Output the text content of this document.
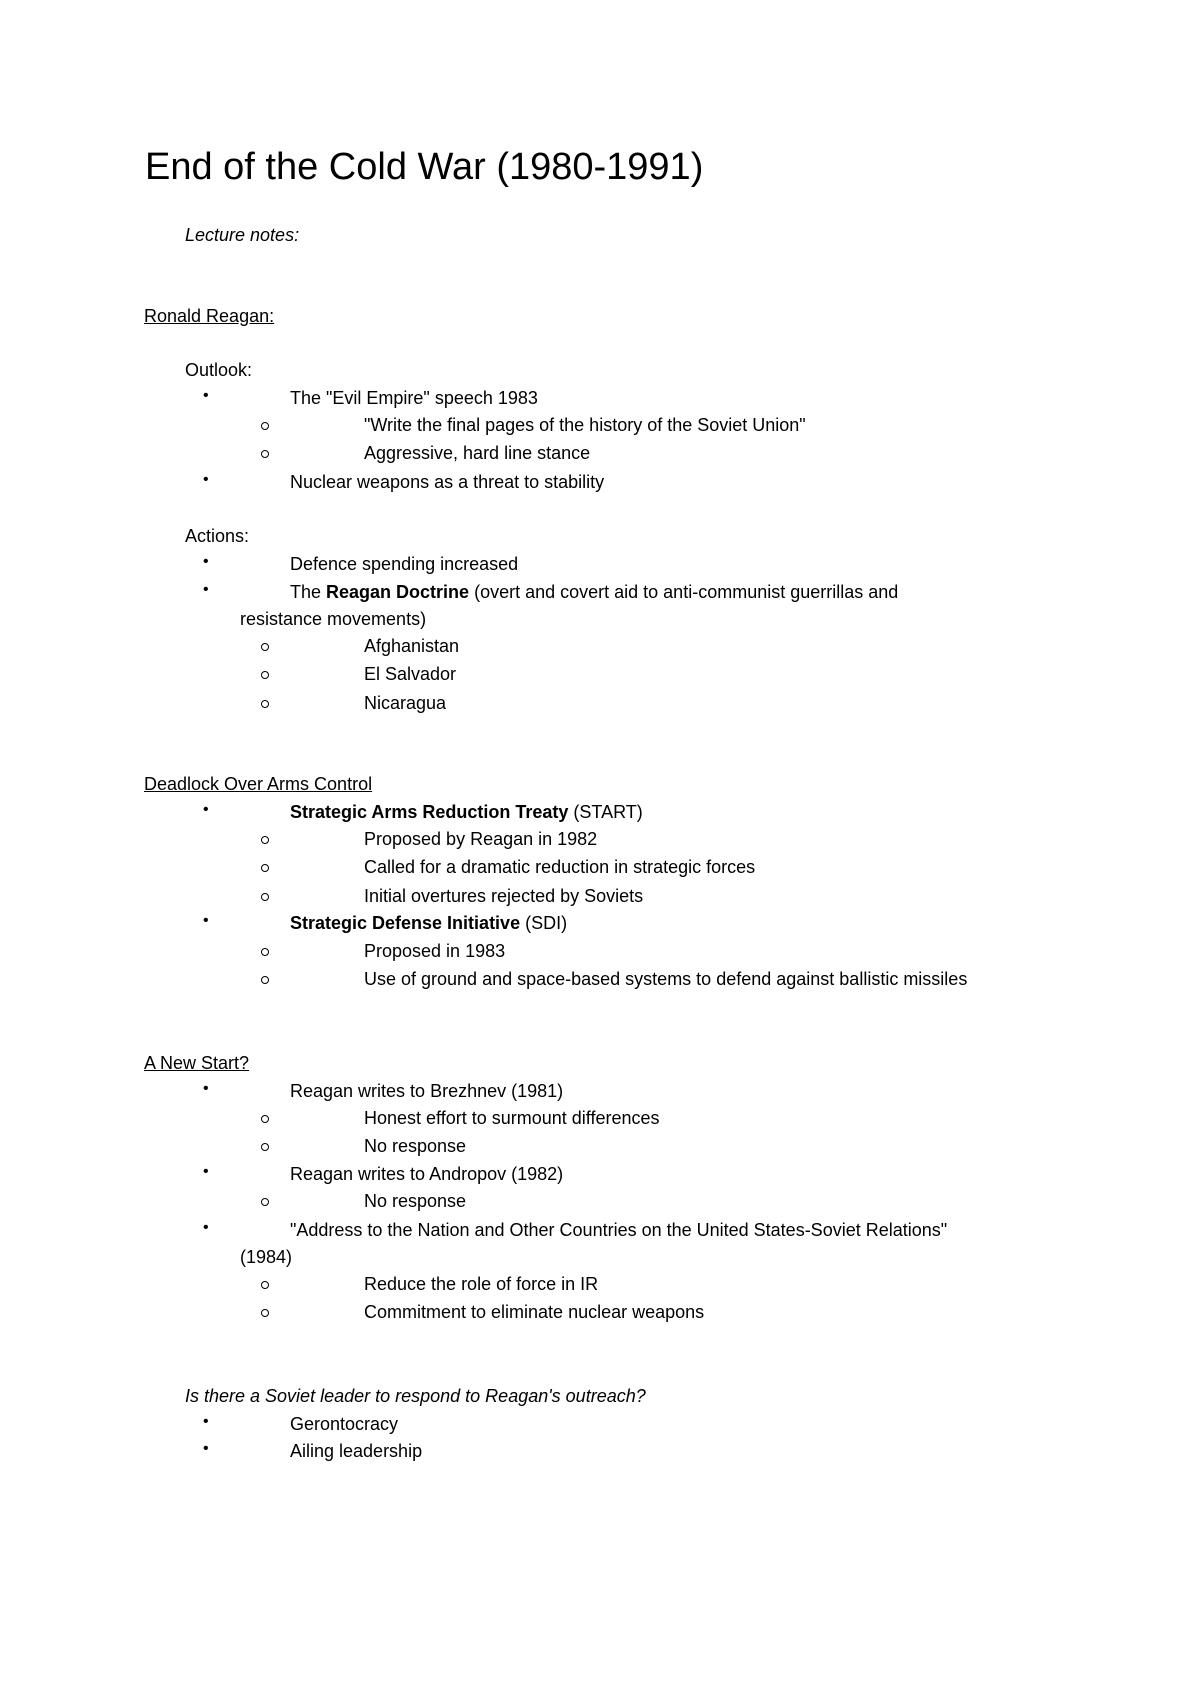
End of the Cold War (1980-1991)
Lecture notes:
Ronald Reagan:
Outlook:
•	The "Evil Empire" speech 1983
"Write the final pages of the history of the Soviet Union"
Aggressive, hard line stance
•	Nuclear weapons as a threat to stability
Actions:
•	Defence spending increased
•	The Reagan Doctrine (overt and covert aid to anti-communist guerrillas and
resistance movements)
Afghanistan
El Salvador
Nicaragua
Deadlock Over Arms Control
•	Strategic Arms Reduction Treaty (START)
Proposed by Reagan in 1982
Called for a dramatic reduction in strategic forces
Initial overtures rejected by Soviets
•	Strategic Defense Initiative (SDI)
Proposed in 1983
Use of ground and space-based systems to defend against ballistic missiles
A New Start?
•	Reagan writes to Brezhnev (1981)
Honest effort to surmount differences
No response
•	Reagan writes to Andropov (1982)
No response
•	"Address to the Nation and Other Countries on the United States-Soviet Relations"
(1984)
Reduce the role of force in IR
Commitment to eliminate nuclear weapons
Is there a Soviet leader to respond to Reagan's outreach?
•	Gerontocracy
•	Ailing leadership
